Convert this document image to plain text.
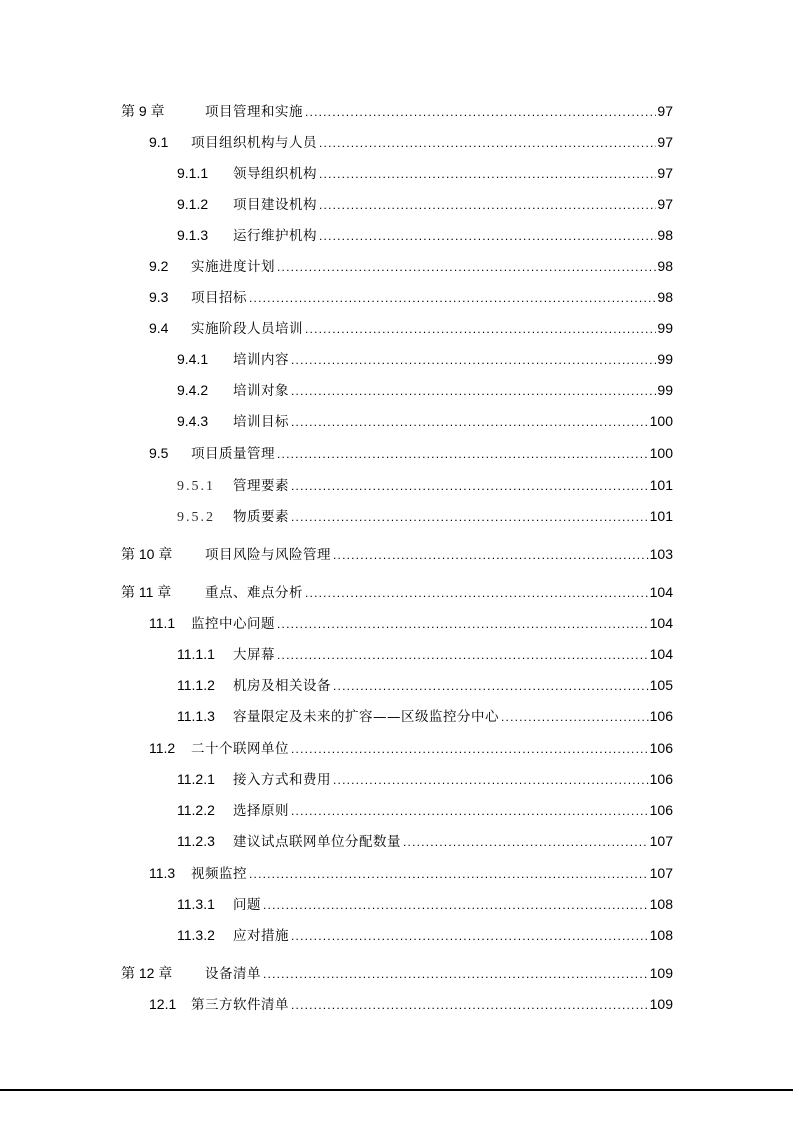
第 9 章	项目管理和实施 .....	97
9.1	项目组织机构与人员 .....	97
9.1.1	领导组织机构 .....	97
9.1.2	项目建设机构 .....	97
9.1.3	运行维护机构 .....	98
9.2	实施进度计划 .....	98
9.3	项目招标 .....	98
9.4	实施阶段人员培训 .....	99
9.4.1	培训内容 .....	99
9.4.2	培训对象 .....	99
9.4.3	培训目标 .....	100
9.5	项目质量管理 .....	100
9.5.1	管理要素 .....	101
9.5.2	物质要素 .....	101
第 10 章	项目风险与风险管理 .....	103
第 11 章	重点、难点分析 .....	104
11.1	监控中心问题 .....	104
11.1.1	大屏幕 .....	104
11.1.2	机房及相关设备 .....	105
11.1.3	容量限定及未来的扩容——区级监控分中心 .....	106
11.2	二十个联网单位 .....	106
11.2.1	接入方式和费用 .....	106
11.2.2	选择原则 .....	106
11.2.3	建议试点联网单位分配数量 .....	107
11.3	视频监控 .....	107
11.3.1	问题 .....	108
11.3.2	应对措施 .....	108
第 12 章	设备清单 .....	109
12.1	第三方软件清单 .....	109
